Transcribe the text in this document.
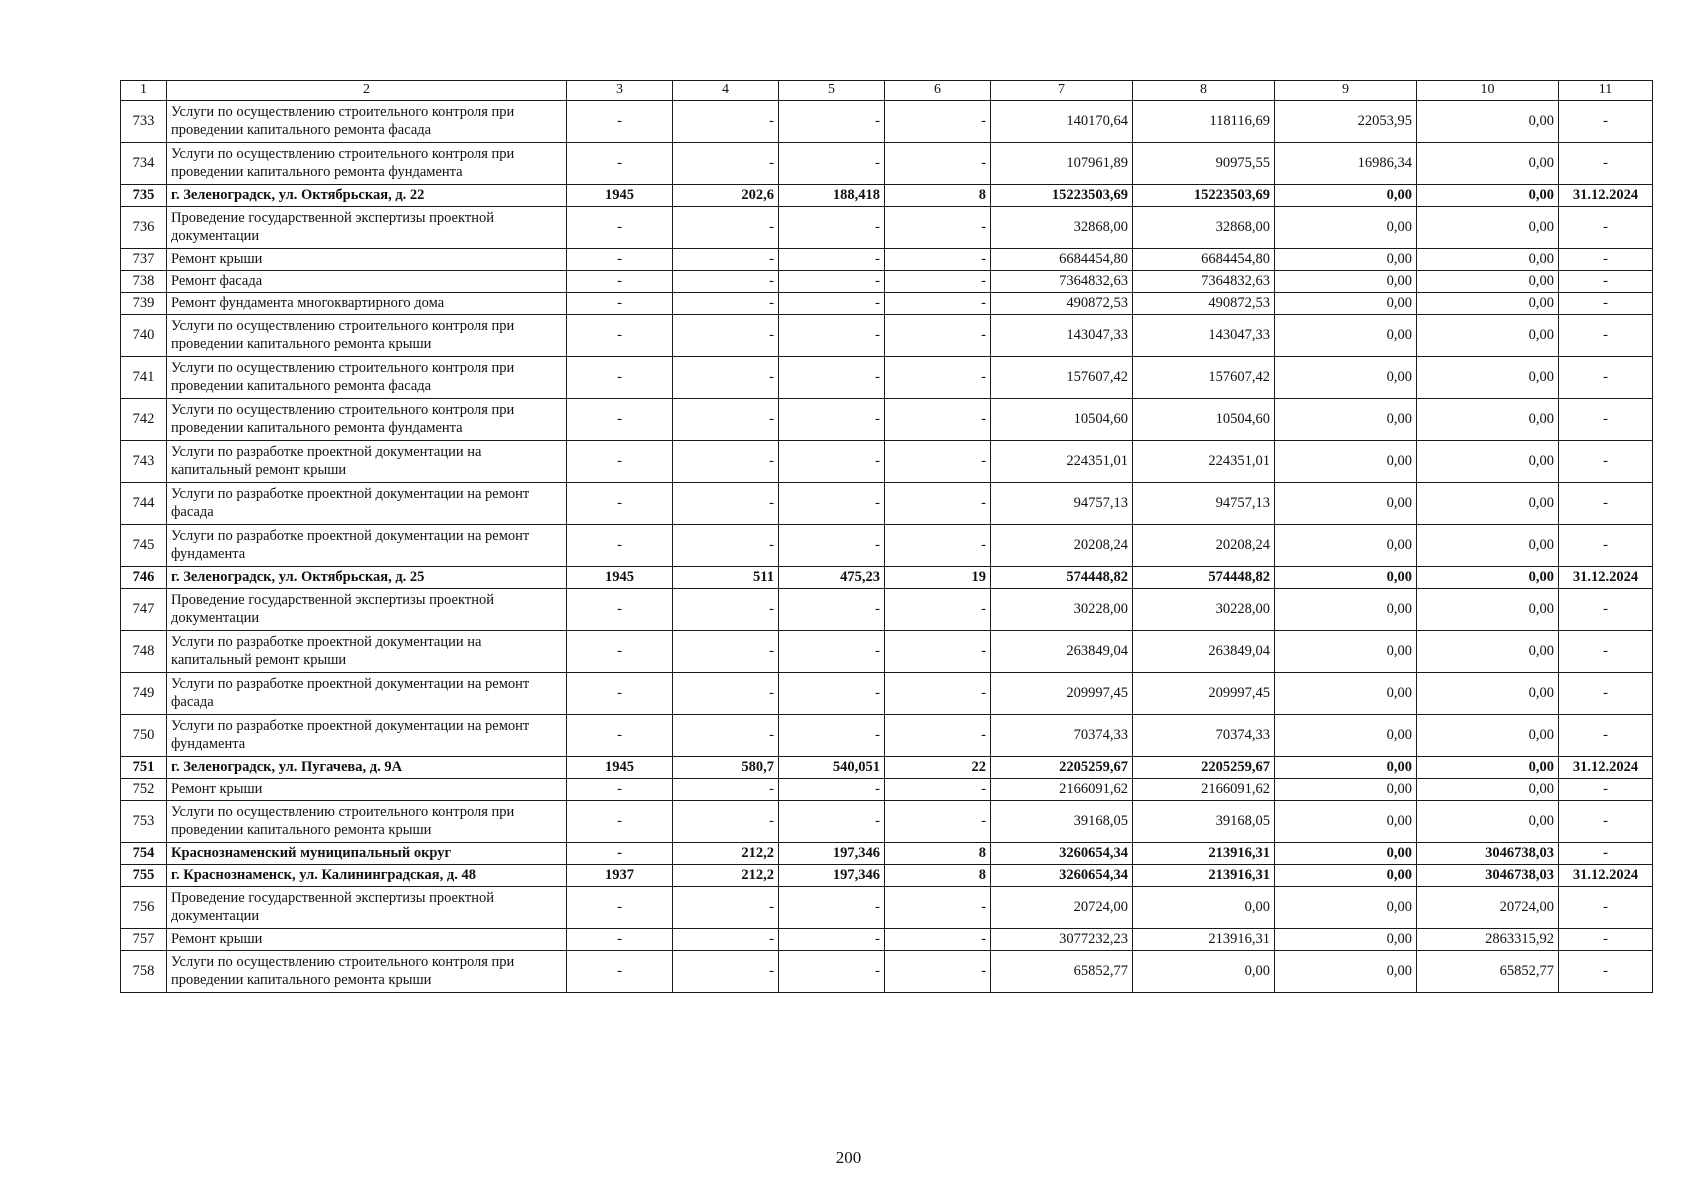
1	2	3	4	5	6	7	8	9	10	11
733	Услуги по осуществлению строительного контроля при проведении капитального ремонта фасада	-	-	-	-	140170,64	118116,69	22053,95	0,00	-
734	Услуги по осуществлению строительного контроля при проведении капитального ремонта фундамента	-	-	-	-	107961,89	90975,55	16986,34	0,00	-
735	г. Зеленоградск, ул. Октябрьская, д. 22	1945	202,6	188,418	8	15223503,69	15223503,69	0,00	0,00	31.12.2024
736	Проведение государственной экспертизы проектной документации	-	-	-	-	32868,00	32868,00	0,00	0,00	-
737	Ремонт крыши	-	-	-	-	6684454,80	6684454,80	0,00	0,00	-
738	Ремонт фасада	-	-	-	-	7364832,63	7364832,63	0,00	0,00	-
739	Ремонт фундамента многоквартирного дома	-	-	-	-	490872,53	490872,53	0,00	0,00	-
740	Услуги по осуществлению строительного контроля при проведении капитального ремонта крыши	-	-	-	-	143047,33	143047,33	0,00	0,00	-
741	Услуги по осуществлению строительного контроля при проведении капитального ремонта фасада	-	-	-	-	157607,42	157607,42	0,00	0,00	-
742	Услуги по осуществлению строительного контроля при проведении капитального ремонта фундамента	-	-	-	-	10504,60	10504,60	0,00	0,00	-
743	Услуги по разработке проектной документации на капитальный ремонт крыши	-	-	-	-	224351,01	224351,01	0,00	0,00	-
744	Услуги по разработке проектной документации на ремонт фасада	-	-	-	-	94757,13	94757,13	0,00	0,00	-
745	Услуги по разработке проектной документации на ремонт фундамента	-	-	-	-	20208,24	20208,24	0,00	0,00	-
746	г. Зеленоградск, ул. Октябрьская, д. 25	1945	511	475,23	19	574448,82	574448,82	0,00	0,00	31.12.2024
747	Проведение государственной экспертизы проектной документации	-	-	-	-	30228,00	30228,00	0,00	0,00	-
748	Услуги по разработке проектной документации на капитальный ремонт крыши	-	-	-	-	263849,04	263849,04	0,00	0,00	-
749	Услуги по разработке проектной документации на ремонт фасада	-	-	-	-	209997,45	209997,45	0,00	0,00	-
750	Услуги по разработке проектной документации на ремонт фундамента	-	-	-	-	70374,33	70374,33	0,00	0,00	-
751	г. Зеленоградск, ул. Пугачева, д. 9А	1945	580,7	540,051	22	2205259,67	2205259,67	0,00	0,00	31.12.2024
752	Ремонт крыши	-	-	-	-	2166091,62	2166091,62	0,00	0,00	-
753	Услуги по осуществлению строительного контроля при проведении капитального ремонта крыши	-	-	-	-	39168,05	39168,05	0,00	0,00	-
754	Краснознаменский муниципальный округ	-	212,2	197,346	8	3260654,34	213916,31	0,00	3046738,03	-
755	г. Краснознаменск, ул. Калининградская, д. 48	1937	212,2	197,346	8	3260654,34	213916,31	0,00	3046738,03	31.12.2024
756	Проведение государственной экспертизы проектной документации	-	-	-	-	20724,00	0,00	0,00	20724,00	-
757	Ремонт крыши	-	-	-	-	3077232,23	213916,31	0,00	2863315,92	-
758	Услуги по осуществлению строительного контроля при проведении капитального ремонта крыши	-	-	-	-	65852,77	0,00	0,00	65852,77	-
200
